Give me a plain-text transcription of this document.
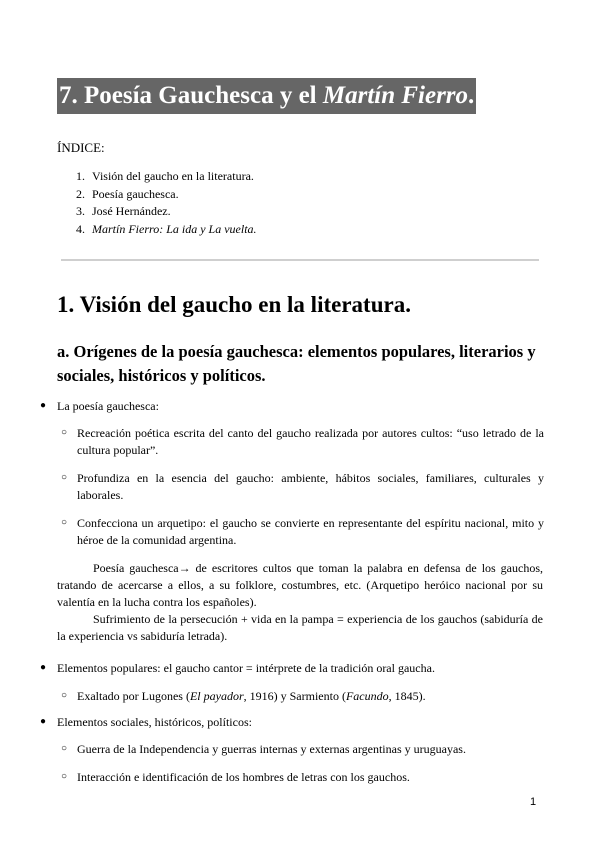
7. Poesía Gauchesca y el Martín Fierro.
ÍNDICE:
1. Visión del gaucho en la literatura.
2. Poesía gauchesca.
3. José Hernández.
4. Martín Fierro: La ida y La vuelta.
1. Visión del gaucho en la literatura.
a. Orígenes de la poesía gauchesca: elementos populares, literarios y sociales, históricos y políticos.
● La poesía gauchesca:
○ Recreación poética escrita del canto del gaucho realizada por autores cultos: “uso letrado de la cultura popular”.
○ Profundiza en la esencia del gaucho: ambiente, hábitos sociales, familiares, culturales y laborales.
○ Confecciona un arquetipo: el gaucho se convierte en representante del espíritu nacional, mito y héroe de la comunidad argentina.
Poesía gauchesca→ de escritores cultos que toman la palabra en defensa de los gauchos, tratando de acercarse a ellos, a su folklore, costumbres, etc. (Arquetipo heróico nacional por su valentía en la lucha contra los españoles).
Sufrimiento de la persecución + vida en la pampa = experiencia de los gauchos (sabiduría de la experiencia vs sabiduría letrada).
● Elementos populares: el gaucho cantor = intérprete de la tradición oral gaucha.
○ Exaltado por Lugones (El payador, 1916) y Sarmiento (Facundo, 1845).
● Elementos sociales, históricos, políticos:
○ Guerra de la Independencia y guerras internas y externas argentinas y uruguayas.
○ Interacción e identificación de los hombres de letras con los gauchos.
1
